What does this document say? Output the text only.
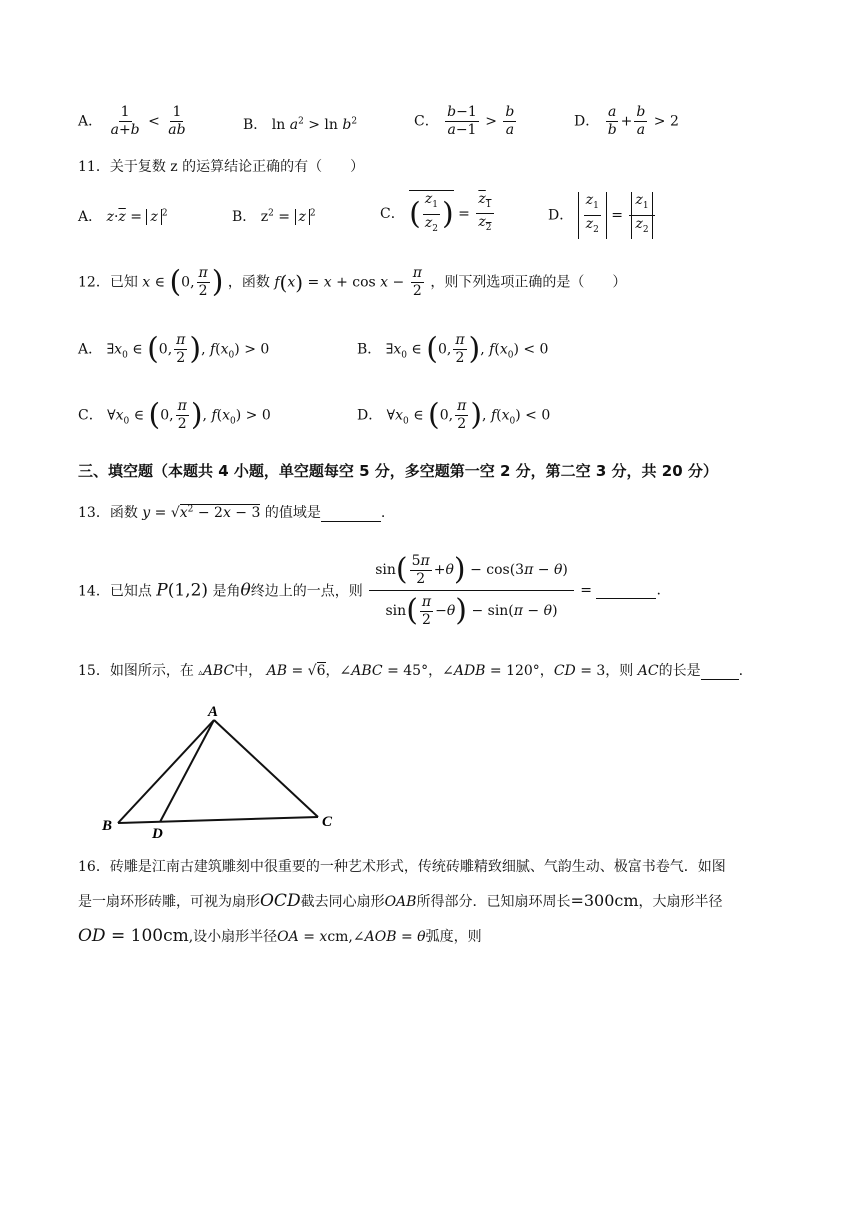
A． $\frac{1}{a+b} < \frac{1}{ab}$	B． $\ln a^2 > \ln b^2$	C． $\frac{b-1}{a-1} > \frac{b}{a}$	D． $\frac{a}{b} + \frac{b}{a} > 2$
11．关于复数 z 的运算结论正确的有（　　）
A． $z\cdot\overline{z} = z$ $^2$	B． $z^2 = z$ $^2$	C． ( $\frac{z_1}{z_2}$ ) = $\frac{z_1}{z_2}$	D． $\frac{z_1}{z_2} = \frac{z_1}{z_2}$
12．已知 x ∈ (0, $\frac{\pi}{2}$ ) ，函数 $f(x) = x + \cos x - \frac{\pi}{2}$ ，则下列选项正确的是（　　）
A． $\exists x_0$ ∈ (0, $\frac{\pi}{2}$ ), $f(x_0) > 0$	B． $\exists x_0$ ∈ (0, $\frac{\pi}{2}$ ), $f(x_0) < 0$
C． $\forall x_0$ ∈ (0, $\frac{\pi}{2}$ ), $f(x_0) > 0$	D． $\forall x_0$ ∈ (0, $\frac{\pi}{2}$ ), $f(x_0) < 0$
三、填空题（本题共 4 小题，单空题每空 5 分，多空题第一空 2 分，第二空 3 分，共 20 分）
13．函数 $y = √x^2 - 2x - 3$ 的值域是	.
14．已知点 P(1,2) 是角θ终边上的一点，则 $\frac{\sin( \frac{5\pi}{2} +\theta) - \cos(3\pi - \theta)}{\sin( \frac{\pi}{2} -\theta) - \sin(\pi - \theta)}$ =	.
15．如图所示，在 ▵ABC中， AB = √6，∠ABC = 45°，∠ADB = 120°，CD = 3，则 AC的长是	.
A
B	D
C
16．砖雕是江南古建筑雕刻中很重要的一种艺术形式，传统砖雕精致细腻、气韵生动、极富书卷气．如图
是一扇环形砖雕，可视为扇形OCD截去同心扇形OAB所得部分．已知扇环周长=300cm，大扇形半径
OD = 100cm,设小扇形半径OA = xcm,∠AOB = θ弧度，则
